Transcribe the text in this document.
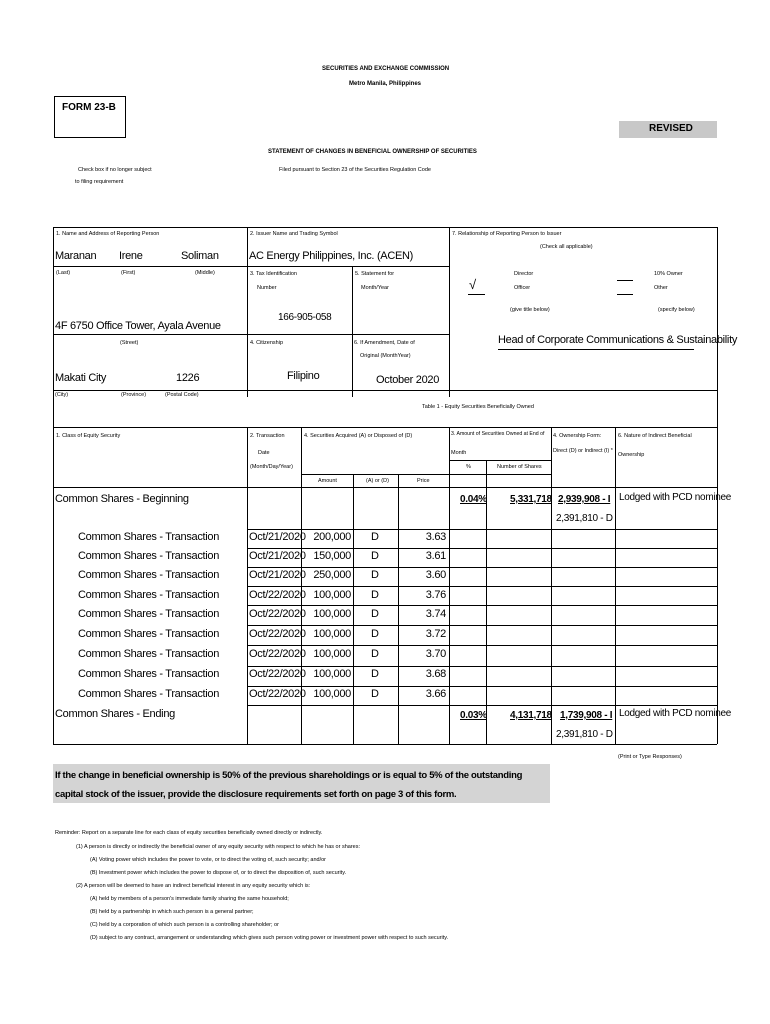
SECURITIES AND EXCHANGE COMMISSION
Metro Manila, Philippines
FORM 23-B
REVISED
STATEMENT OF CHANGES IN BENEFICIAL OWNERSHIP OF SECURITIES
Check box if no longer subject
to filing requirement
Filed pursuant to Section 23 of the Securities Regulation Code
1. Name and Address of Reporting Person
Maranan Irene	Soliman
(Last)	(First)	(Middle)
4F 6750 Office Tower, Ayala Avenue
(Street)
Makati City	1226
(City)	(Province)	(Postal Code)
2. Issuer Name and Trading Symbol
AC Energy Philippines, Inc. (ACEN)
3. Tax Identification
Number
166-905-058
5. Statement for
Month/Year
4. Citizenship
Filipino
6. If Amendment, Date of
Original (MonthYear)
October 2020
7. Relationship of Reporting Person to Issuer
(Check all applicable)
Director	10% Owner
√	Officer	Other
(give title below)	(specify below)
Head of Corporate Communications & Sustainability
Table 1 - Equity Securities Beneficially Owned
1. Class of Equity Security	2. Transaction
Date
(Month/Day/Year)
4. Securities Acquired (A) or Disposed of (D)
Amount	(A) or (D)	Price
3. Amount of Securities Owned at End of
Month
%	Number of Shares
4. Ownership Form:
Direct (D) or Indirect (I) *
6. Nature of Indirect Beneficial
Ownership
Common Shares - Beginning	0.04% 5,331,718 2,939,908 - I
2,391,810 - D
Lodged with PCD nominee
Common Shares - Transaction	Oct/21/2020 200,000 D	3.63
Common Shares - Transaction	Oct/21/2020 150,000 D	3.61
Common Shares - Transaction	Oct/21/2020 250,000 D	3.60
Common Shares - Transaction	Oct/22/2020 100,000 D	3.76
Common Shares - Transaction	Oct/22/2020 100,000 D	3.74
Common Shares - Transaction	Oct/22/2020 100,000 D	3.72
Common Shares - Transaction	Oct/22/2020 100,000 D	3.70
Common Shares - Transaction	Oct/22/2020 100,000 D	3.68
Common Shares - Transaction	Oct/22/2020 100,000 D	3.66
Common Shares - Ending	0.03% 4,131,718 1,739,908 - I
2,391,810 - D
Lodged with PCD nominee
(Print or Type Responses)
If the change in beneficial ownership is 50% of the previous shareholdings or is equal to 5% of the outstanding
capital stock of the issuer, provide the disclosure requirements set forth on page 3 of this form.
Reminder: Report on a separate line for each class of equity securities beneficially owned directly or indirectly.
(1) A person is directly or indirectly the beneficial owner of any equity security with respect to which he has or shares:
(A) Voting power which includes the power to vote, or to direct the voting of, such security; and/or
(B) Investment power which includes the power to dispose of, or to direct the disposition of, such security.
(2) A person will be deemed to have an indirect beneficial interest in any equity security which is:
(A) held by members of a person's immediate family sharing the same household;
(B) held by a partnership in which such person is a general partner;
(C) held by a corporation of which such person is a controlling shareholder; or
(D) subject to any contract, arrangement or understanding which gives such person voting power or investment power with respect to such security.
